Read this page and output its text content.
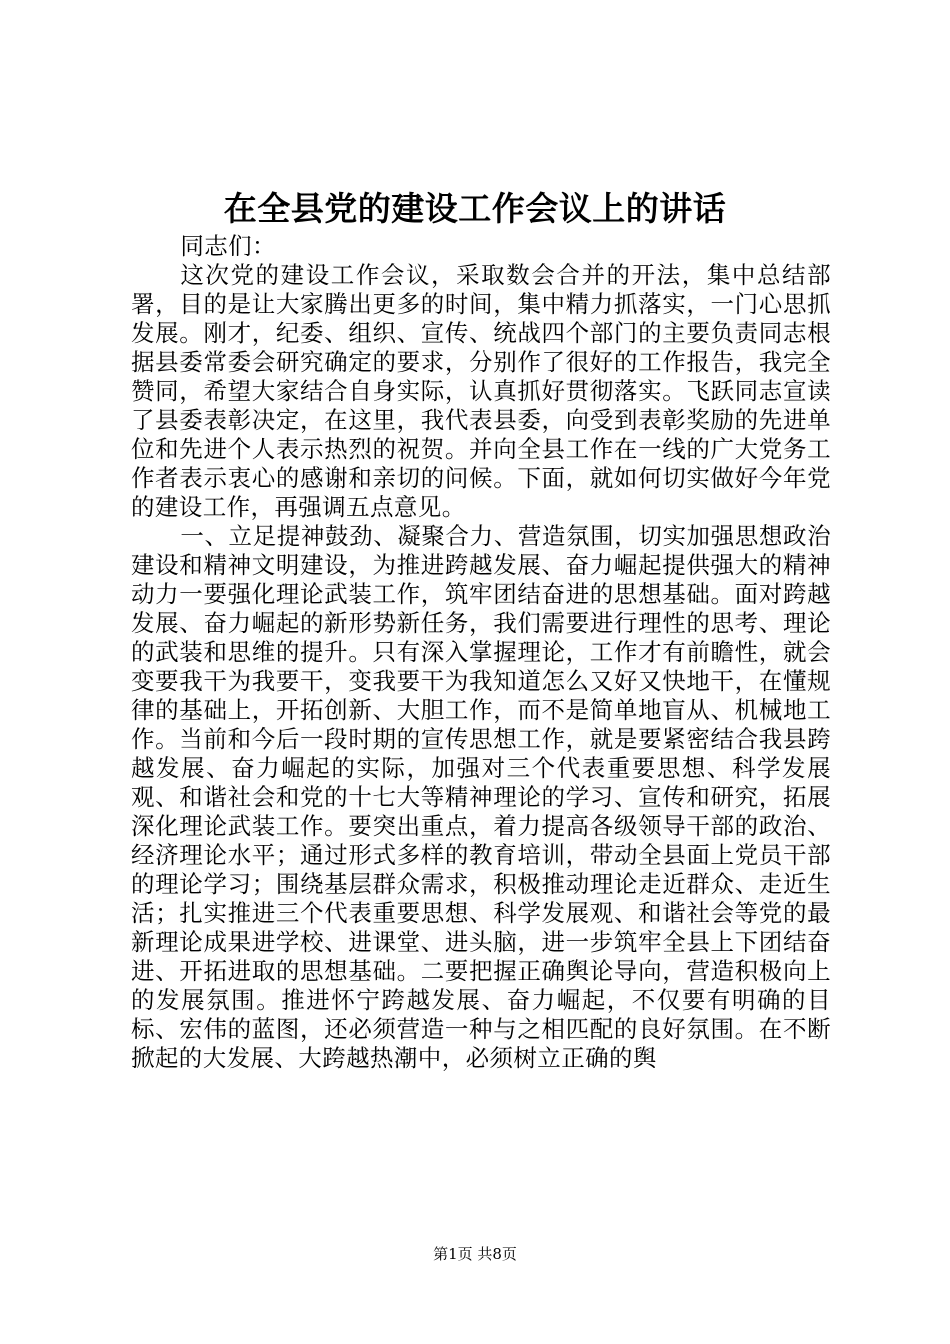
在全县党的建设工作会议上的讲话

同志们：

这次党的建设工作会议，采取数会合并的开法，集中总结部署，目的是让大家腾出更多的时间，集中精力抓落实，一门心思抓发展。刚才，纪委、组织、宣传、统战四个部门的主要负责同志根据县委常委会研究确定的要求，分别作了很好的工作报告，我完全赞同，希望大家结合自身实际，认真抓好贯彻落实。飞跃同志宣读了县委表彰决定，在这里，我代表县委，向受到表彰奖励的先进单位和先进个人表示热烈的祝贺。并向全县工作在一线的广大党务工作者表示衷心的感谢和亲切的问候。下面，就如何切实做好今年党的建设工作，再强调五点意见。

一、立足提神鼓劲、凝聚合力、营造氛围，切实加强思想政治建设和精神文明建设，为推进跨越发展、奋力崛起提供强大的精神动力一要强化理论武装工作，筑牢团结奋进的思想基础。面对跨越发展、奋力崛起的新形势新任务，我们需要进行理性的思考、理论的武装和思维的提升。只有深入掌握理论，工作才有前瞻性，就会变要我干为我要干，变我要干为我知道怎么又好又快地干，在懂规律的基础上，开拓创新、大胆工作，而不是简单地盲从、机械地工作。当前和今后一段时期的宣传思想工作，就是要紧密结合我县跨越发展、奋力崛起的实际，加强对三个代表重要思想、科学发展观、和谐社会和党的十七大等精神理论的学习、宣传和研究，拓展深化理论武装工作。要突出重点，着力提高各级领导干部的政治、经济理论水平；通过形式多样的教育培训，带动全县面上党员干部的理论学习；围绕基层群众需求，积极推动理论走近群众、走近生活；扎实推进三个代表重要思想、科学发展观、和谐社会等党的最新理论成果进学校、进课堂、进头脑，进一步筑牢全县上下团结奋进、开拓进取的思想基础。二要把握正确舆论导向，营造积极向上的发展氛围。推进怀宁跨越发展、奋力崛起，不仅要有明确的目标、宏伟的蓝图，还必须营造一种与之相匹配的良好氛围。在不断掀起的大发展、大跨越热潮中，必须树立正确的舆

第1页 共8页
